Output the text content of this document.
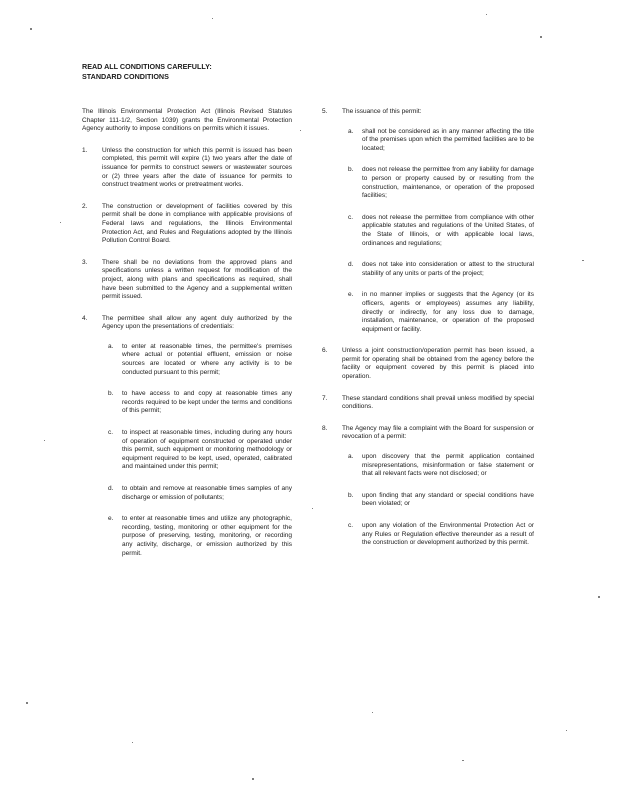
READ ALL CONDITIONS CAREFULLY:
STANDARD CONDITIONS

The Illinois Environmental Protection Act (Illinois Revised Statutes Chapter 111-1/2, Section 1039) grants the Environmental Protection Agency authority to impose conditions on permits which it issues.

1. Unless the construction for which this permit is issued has been completed, this permit will expire (1) two years after the date of issuance for permits to construct sewers or wastewater sources or (2) three years after the date of issuance for permits to construct treatment works or pretreatment works.

2. The construction or development of facilities covered by this permit shall be done in compliance with applicable provisions of Federal laws and regulations, the Illinois Environmental Protection Act, and Rules and Regulations adopted by the Illinois Pollution Control Board.

3. There shall be no deviations from the approved plans and specifications unless a written request for modification of the project, along with plans and specifications as required, shall have been submitted to the Agency and a supplemental written permit issued.

4. The permittee shall allow any agent duly authorized by the Agency upon the presentations of credentials:

a. to enter at reasonable times, the permittee's premises where actual or potential effluent, emission or noise sources are located or where any activity is to be conducted pursuant to this permit;

b. to have access to and copy at reasonable times any records required to be kept under the terms and conditions of this permit;

c. to inspect at reasonable times, including during any hours of operation of equipment constructed or operated under this permit, such equipment or monitoring methodology or equipment required to be kept, used, operated, calibrated and maintained under this permit;

d. to obtain and remove at reasonable times samples of any discharge or emission of pollutants;

e. to enter at reasonable times and utilize any photographic, recording, testing, monitoring or other equipment for the purpose of preserving, testing, monitoring, or recording any activity, discharge, or emission authorized by this permit.

5. The issuance of this permit:

a. shall not be considered as in any manner affecting the title of the premises upon which the permitted facilities are to be located;

b. does not release the permittee from any liability for damage to person or property caused by or resulting from the construction, maintenance, or operation of the proposed facilities;

c. does not release the permittee from compliance with other applicable statutes and regulations of the United States, of the State of Illinois, or with applicable local laws, ordinances and regulations;

d. does not take into consideration or attest to the structural stability of any units or parts of the project;

e. in no manner implies or suggests that the Agency (or its officers, agents or employees) assumes any liability, directly or indirectly, for any loss due to damage, installation, maintenance, or operation of the proposed equipment or facility.

6. Unless a joint construction/operation permit has been issued, a permit for operating shall be obtained from the agency before the facility or equipment covered by this permit is placed into operation.

7. These standard conditions shall prevail unless modified by special conditions.

8. The Agency may file a complaint with the Board for suspension or revocation of a permit:

a. upon discovery that the permit application contained misrepresentations, misinformation or false statement or that all relevant facts were not disclosed; or

b. upon finding that any standard or special conditions have been violated; or

c. upon any violation of the Environmental Protection Act or any Rules or Regulation effective thereunder as a result of the construction or development authorized by this permit.
